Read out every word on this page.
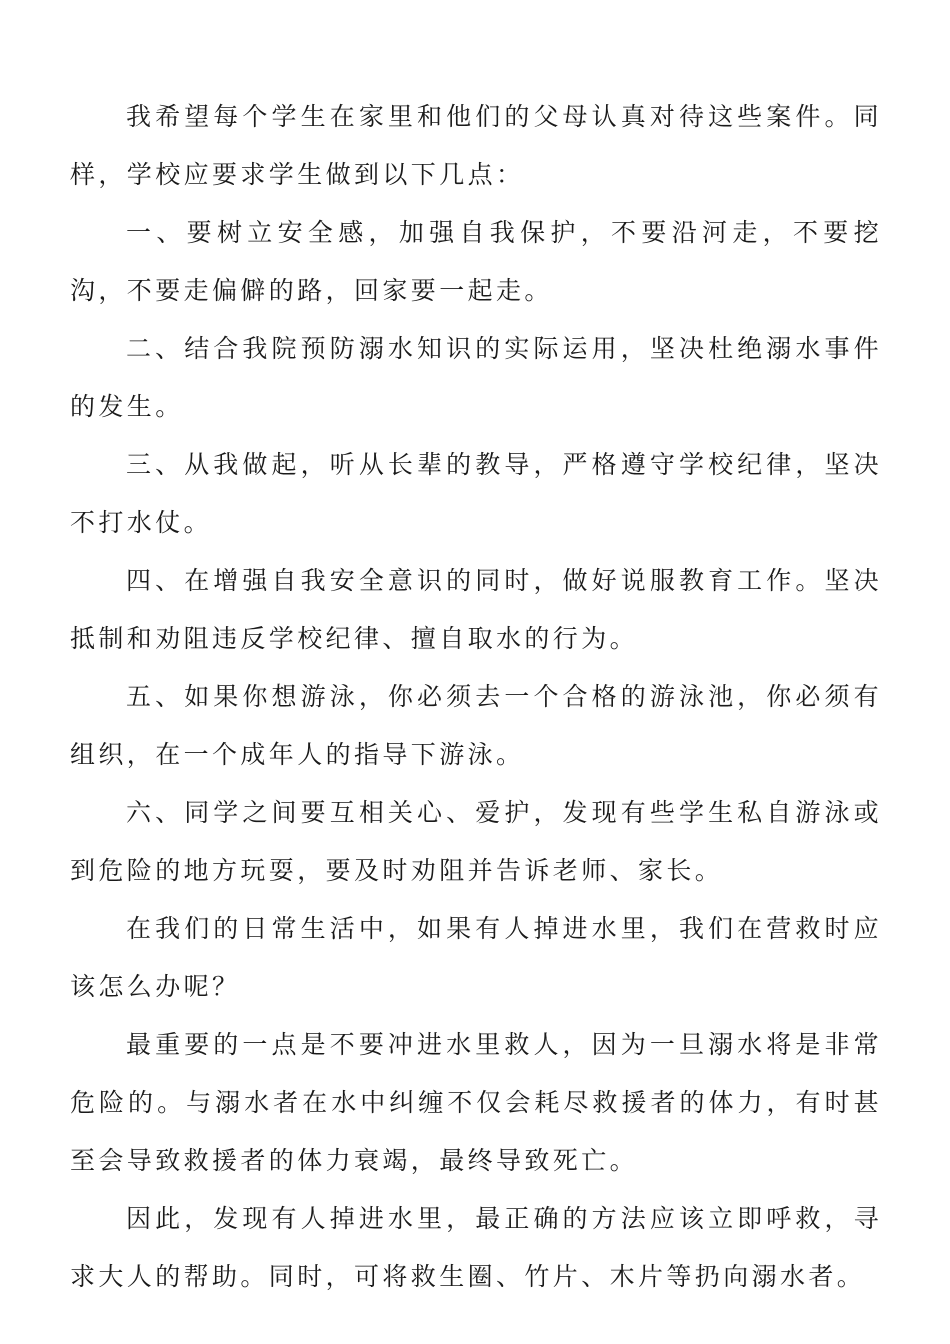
我希望每个学生在家里和他们的父母认真对待这些案件。同样，学校应要求学生做到以下几点：

一、要树立安全感，加强自我保护，不要沿河走，不要挖沟，不要走偏僻的路，回家要一起走。

二、结合我院预防溺水知识的实际运用，坚决杜绝溺水事件的发生。

三、从我做起，听从长辈的教导，严格遵守学校纪律，坚决不打水仗。

四、在增强自我安全意识的同时，做好说服教育工作。坚决抵制和劝阻违反学校纪律、擅自取水的行为。

五、如果你想游泳，你必须去一个合格的游泳池，你必须有组织，在一个成年人的指导下游泳。

六、同学之间要互相关心、爱护，发现有些学生私自游泳或到危险的地方玩耍，要及时劝阻并告诉老师、家长。

在我们的日常生活中，如果有人掉进水里，我们在营救时应该怎么办呢？

最重要的一点是不要冲进水里救人，因为一旦溺水将是非常危险的。与溺水者在水中纠缠不仅会耗尽救援者的体力，有时甚至会导致救援者的体力衰竭，最终导致死亡。

因此，发现有人掉进水里，最正确的方法应该立即呼救，寻求大人的帮助。同时，可将救生圈、竹片、木片等扔向溺水者。
